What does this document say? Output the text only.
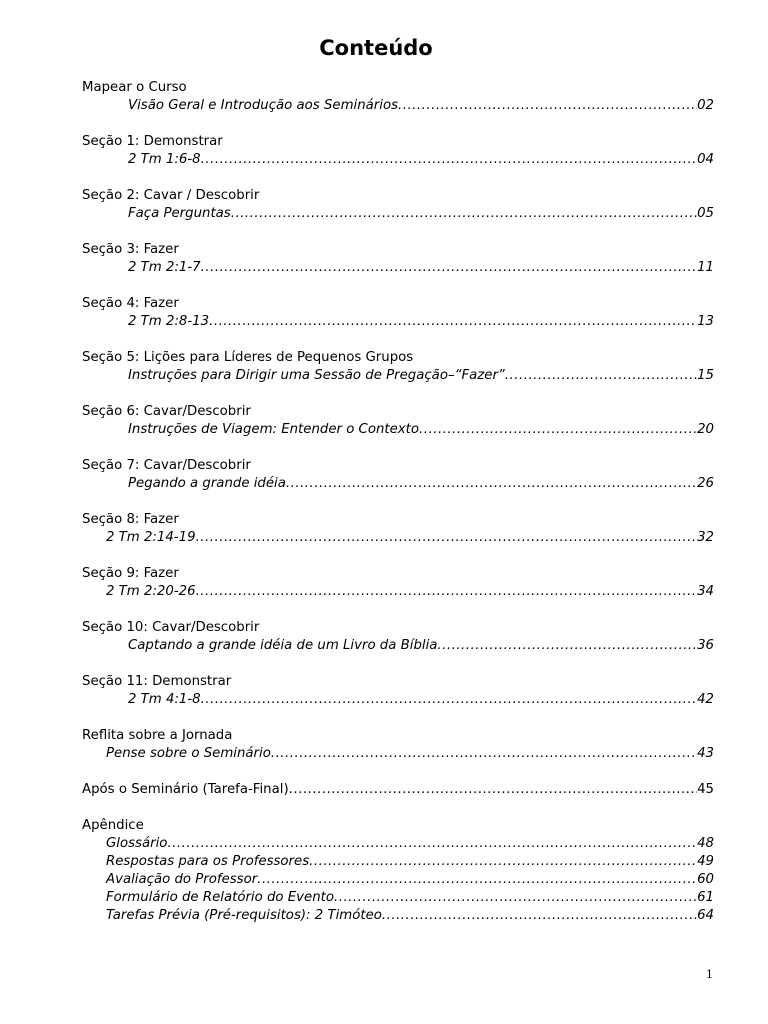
Conteúdo
Mapear o Curso
Visão Geral e Introdução aos Seminários .....	02
Seção 1: Demonstrar
2 Tm 1:6-8 .....	04
Seção 2: Cavar / Descobrir
Faça Perguntas .....	05
Seção 3: Fazer
2 Tm 2:1-7 .....	11
Seção 4: Fazer
2 Tm 2:8-13 .....	13
Seção 5: Lições para Líderes de Pequenos Grupos
Instruções para Dirigir uma Sessão de Pregação–“Fazer” .....	15
Seção 6: Cavar/Descobrir
Instruções de Viagem: Entender o Contexto .....	20
Seção 7: Cavar/Descobrir
Pegando a grande idéia .....	26
Seção 8: Fazer
2 Tm 2:14-19 .....	32
Seção 9: Fazer
2 Tm 2:20-26 .....	34
Seção 10: Cavar/Descobrir
Captando a grande idéia de um Livro da Bíblia .....	36
Seção 11: Demonstrar
2 Tm 4:1-8 .....	42
Reflita sobre a Jornada
Pense sobre o Seminário .....	43
Após o Seminário (Tarefa-Final) .....	45
Apêndice
Glossário .....	48
Respostas para os Professores .....	49
Avaliação do Professor .....	60
Formulário de Relatório do Evento .....	61
Tarefas Prévia (Pré-requisitos): 2 Timóteo .....	64
1
